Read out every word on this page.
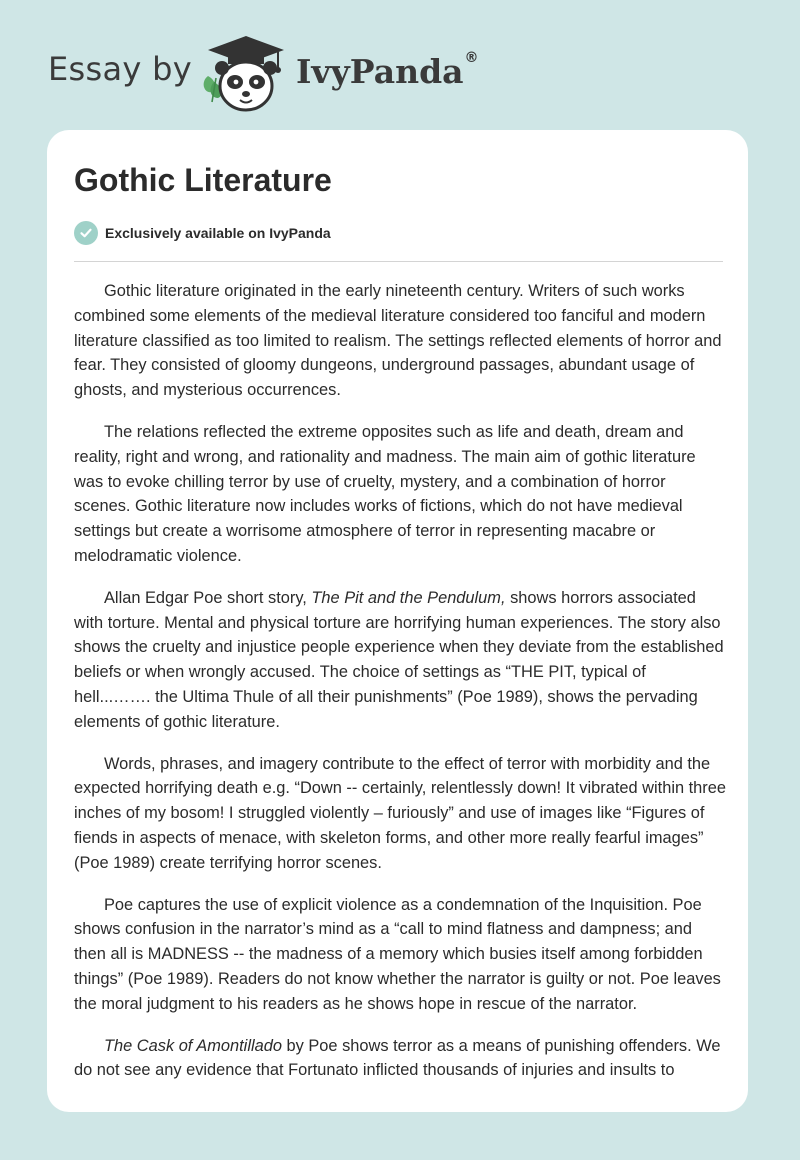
Essay by	IvyPanda®
Gothic Literature
Exclusively available on IvyPanda

Gothic literature originated in the early nineteenth century. Writers of such works combined some elements of the medieval literature considered too fanciful and modern literature classified as too limited to realism. The settings reflected elements of horror and fear. They consisted of gloomy dungeons, underground passages, abundant usage of ghosts, and mysterious occurrences.

The relations reflected the extreme opposites such as life and death, dream and reality, right and wrong, and rationality and madness. The main aim of gothic literature was to evoke chilling terror by use of cruelty, mystery, and a combination of horror scenes. Gothic literature now includes works of fictions, which do not have medieval settings but create a worrisome atmosphere of terror in representing macabre or melodramatic violence.

Allan Edgar Poe short story, The Pit and the Pendulum, shows horrors associated with torture. Mental and physical torture are horrifying human experiences. The story also shows the cruelty and injustice people experience when they deviate from the established beliefs or when wrongly accused. The choice of settings as “THE PIT, typical of hell...……. the Ultima Thule of all their punishments” (Poe 1989), shows the pervading elements of gothic literature.

Words, phrases, and imagery contribute to the effect of terror with morbidity and the expected horrifying death e.g. “Down -- certainly, relentlessly down! It vibrated within three inches of my bosom! I struggled violently – furiously” and use of images like “Figures of fiends in aspects of menace, with skeleton forms, and other more really fearful images” (Poe 1989) create terrifying horror scenes.

Poe captures the use of explicit violence as a condemnation of the Inquisition. Poe shows confusion in the narrator’s mind as a “call to mind flatness and dampness; and then all is MADNESS -- the madness of a memory which busies itself among forbidden things” (Poe 1989). Readers do not know whether the narrator is guilty or not. Poe leaves the moral judgment to his readers as he shows hope in rescue of the narrator.

The Cask of Amontillado by Poe shows terror as a means of punishing offenders. We do not see any evidence that Fortunato inflicted thousands of injuries and insults to
